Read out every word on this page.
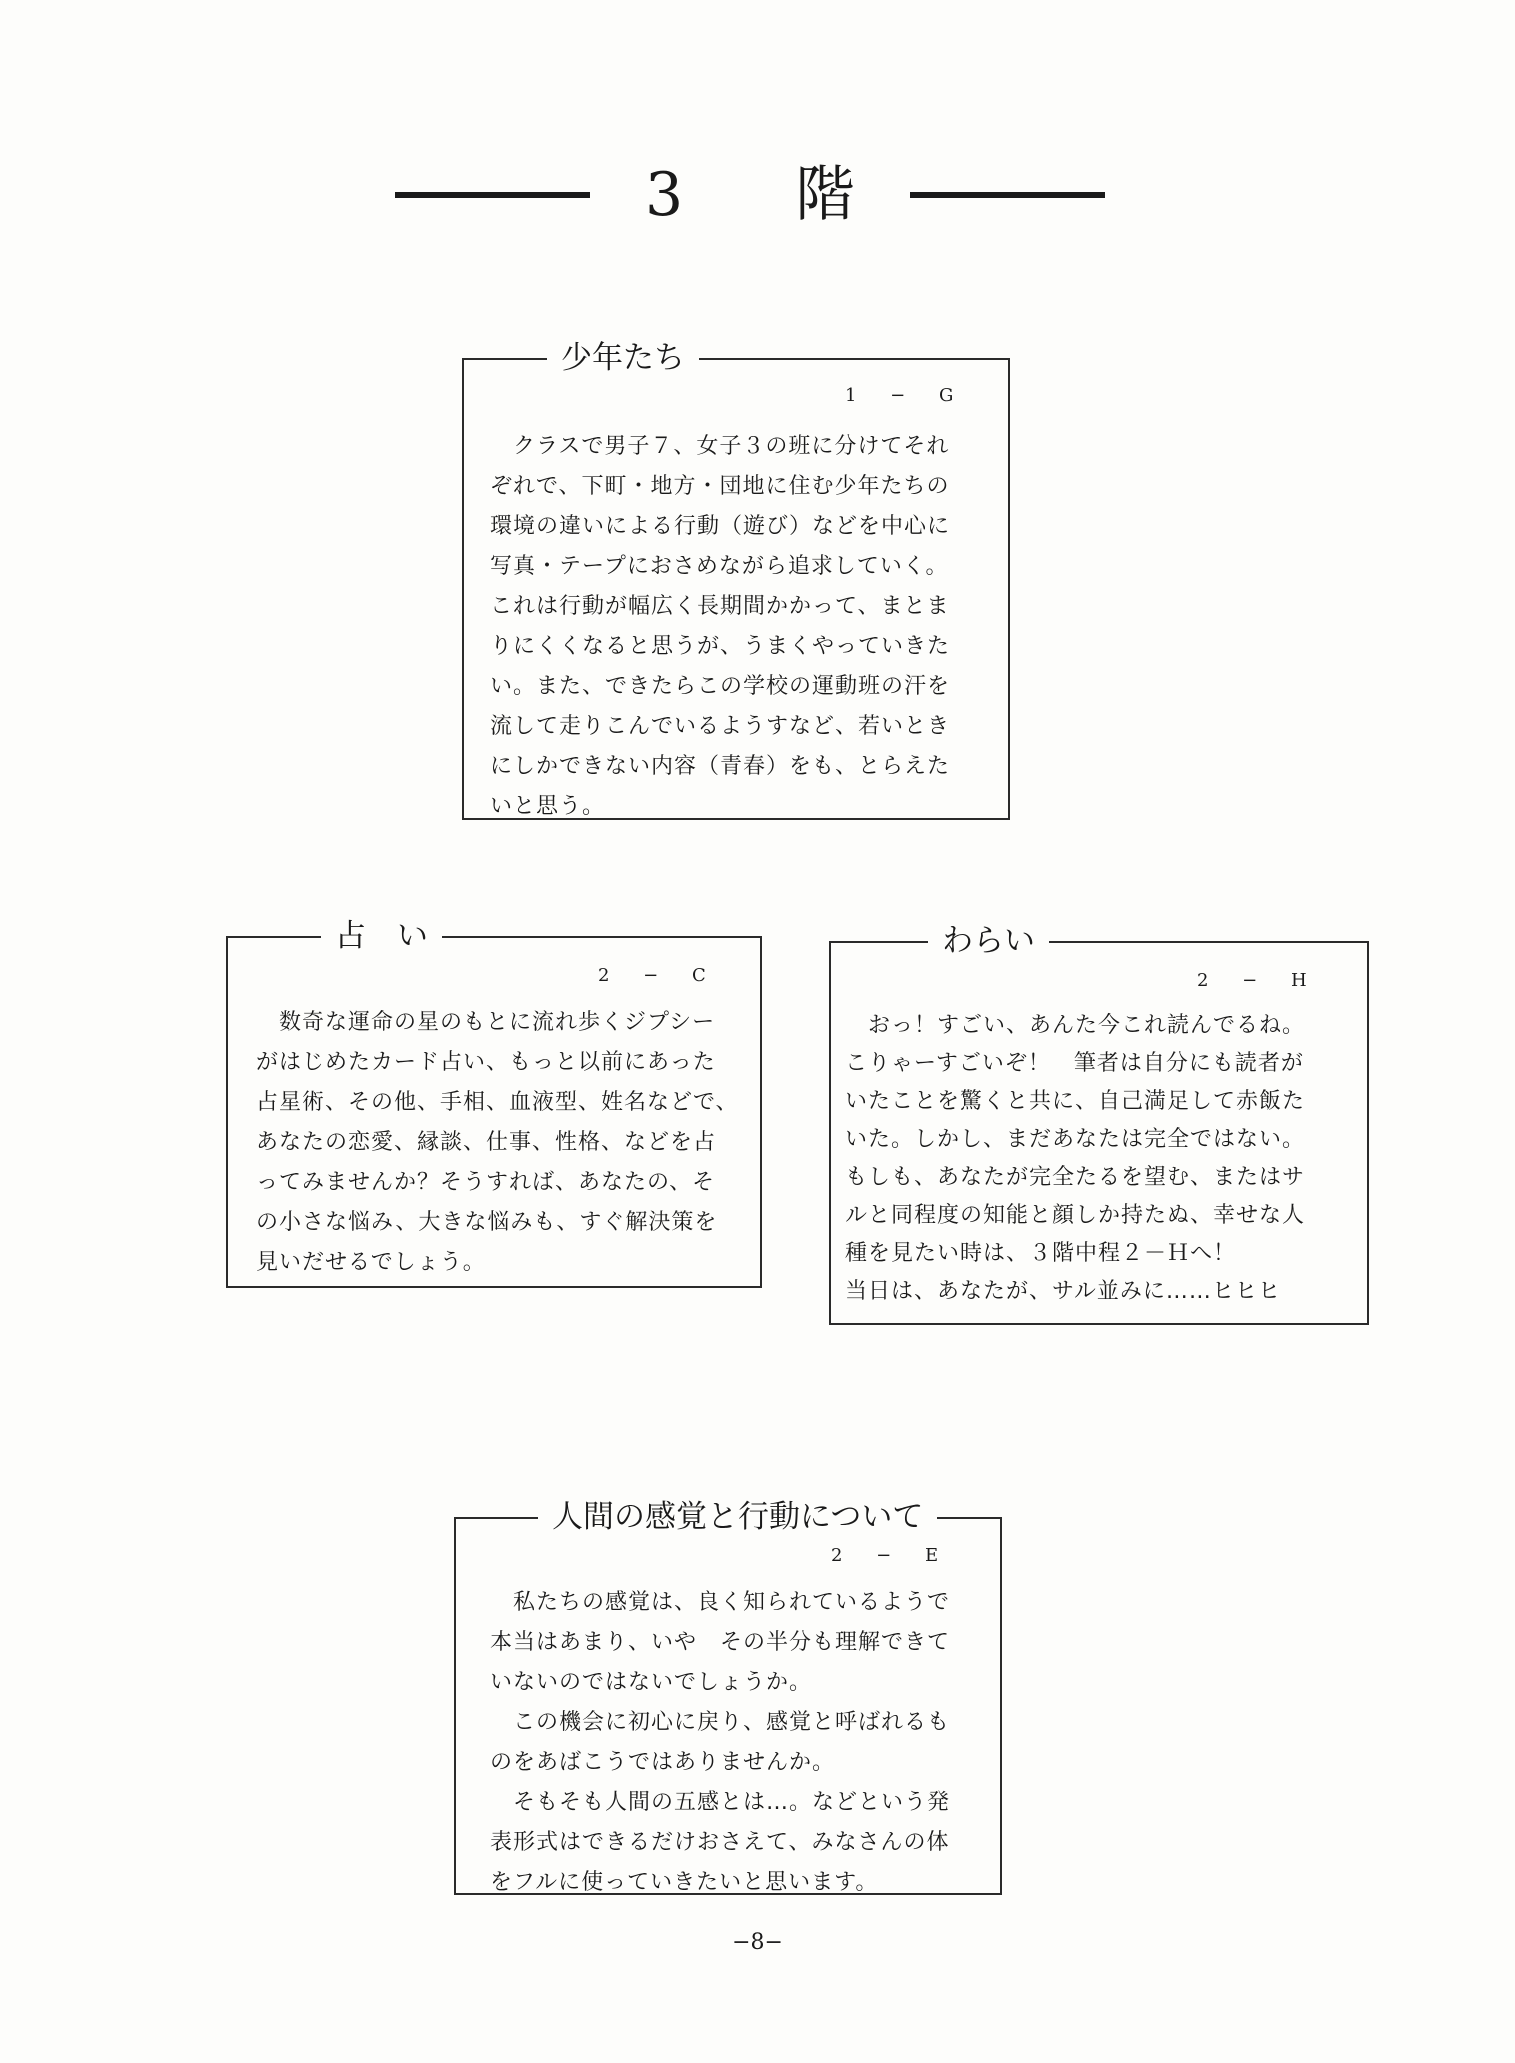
3 階
少年たち
1 − G
　クラスで男子７、女子３の班に分けてそれ
ぞれで、下町・地方・団地に住む少年たちの
環境の違いによる行動（遊び）などを中心に
写真・テープにおさめながら追求していく。
これは行動が幅広く長期間かかって、まとま
りにくくなると思うが、うまくやっていきた
い。また、できたらこの学校の運動班の汗を
流して走りこんでいるようすなど、若いとき
にしかできない内容（青春）をも、とらえた
いと思う。
占　い
2 − C
　数奇な運命の星のもとに流れ歩くジプシー
がはじめたカード占い、もっと以前にあった
占星術、その他、手相、血液型、姓名などで、
あなたの恋愛、縁談、仕事、性格、などを占
ってみませんか？そうすれば、あなたの、そ
の小さな悩み、大きな悩みも、すぐ解決策を
見いだせるでしょう。
わらい
2 − H
　おっ！すごい、あんた今これ読んでるね。
こりゃーすごいぞ！　筆者は自分にも読者が
いたことを驚くと共に、自己満足して赤飯た
いた。しかし、まだあなたは完全ではない。
もしも、あなたが完全たるを望む、またはサ
ルと同程度の知能と顔しか持たぬ、幸せな人
種を見たい時は、３階中程２－Ｈへ！
当日は、あなたが、サル並みに……ヒヒヒ
人間の感覚と行動について
2 − E
　私たちの感覚は、良く知られているようで
本当はあまり、いや　その半分も理解できて
いないのではないでしょうか。
　この機会に初心に戻り、感覚と呼ばれるも
のをあばこうではありませんか。
　そもそも人間の五感とは…。などという発
表形式はできるだけおさえて、みなさんの体
をフルに使っていきたいと思います。
−8−
